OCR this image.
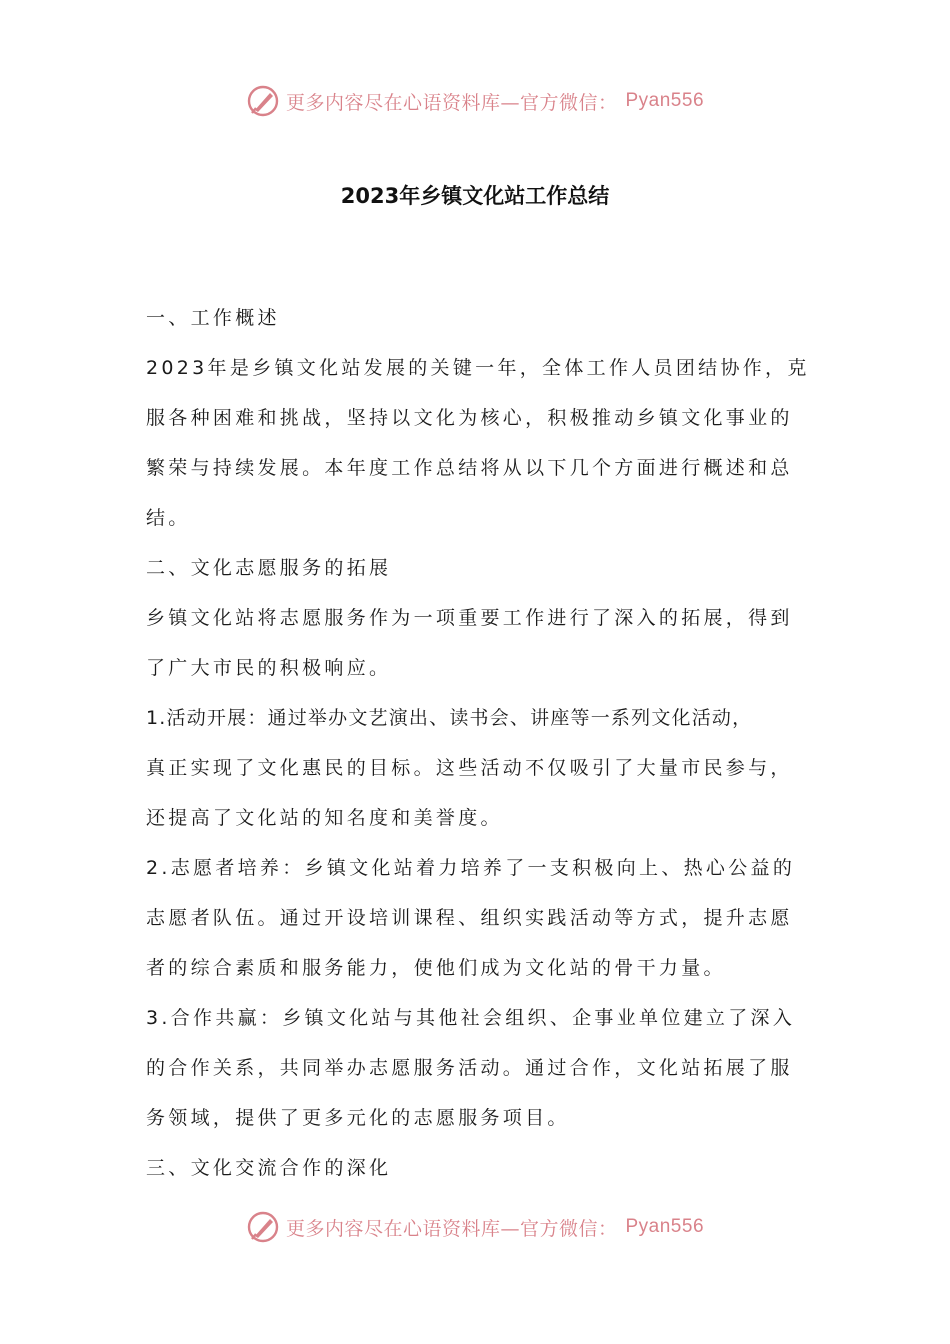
更多内容尽在心语资料库—官方微信： Pyan556
2023年乡镇文化站工作总结
一、工作概述
2023年是乡镇文化站发展的关键一年，全体工作人员团结协作，克
服各种困难和挑战，坚持以文化为核心，积极推动乡镇文化事业的
繁荣与持续发展。本年度工作总结将从以下几个方面进行概述和总
结。
二、文化志愿服务的拓展
乡镇文化站将志愿服务作为一项重要工作进行了深入的拓展，得到
了广大市民的积极响应。
1.活动开展：通过举办文艺演出、读书会、讲座等一系列文化活动，
真正实现了文化惠民的目标。这些活动不仅吸引了大量市民参与，
还提高了文化站的知名度和美誉度。
2.志愿者培养：乡镇文化站着力培养了一支积极向上、热心公益的
志愿者队伍。通过开设培训课程、组织实践活动等方式，提升志愿
者的综合素质和服务能力，使他们成为文化站的骨干力量。
3.合作共赢：乡镇文化站与其他社会组织、企事业单位建立了深入
的合作关系，共同举办志愿服务活动。通过合作，文化站拓展了服
务领域，提供了更多元化的志愿服务项目。
三、文化交流合作的深化
更多内容尽在心语资料库—官方微信： Pyan556
